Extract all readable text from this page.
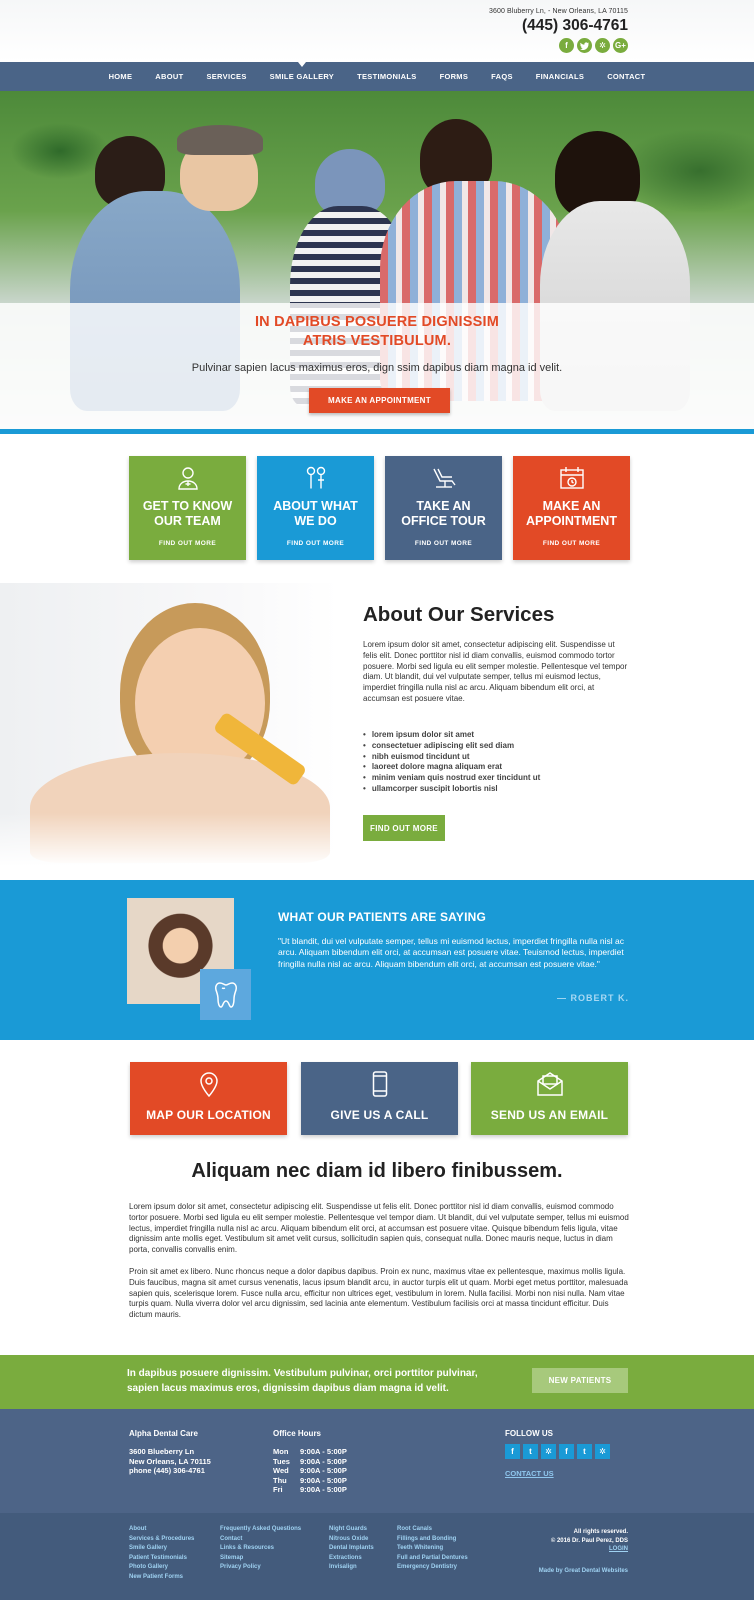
3600 Bluberry Ln, - New Orleans, LA 70115
(445) 306-4761
f	✲	G+
HOME	ABOUT	SERVICES	SMILE GALLERY	TESTIMONIALS	FORMS	FAQS	FINANCIALS	CONTACT
IN DAPIBUS POSUERE DIGNISSIM
ATRIS VESTIBULUM.

Pulvinar sapien lacus maximus eros, dign ssim dapibus diam magna id velit.

MAKE AN APPOINTMENT
GET TO KNOW
OUR TEAM
FIND OUT MORE
ABOUT WHAT
WE DO
FIND OUT MORE
TAKE AN
OFFICE TOUR
FIND OUT MORE
MAKE AN
APPOINTMENT
FIND OUT MORE
About Our Services

Lorem ipsum dolor sit amet, consectetur adipiscing elit. Suspendisse ut felis elit. Donec porttitor nisl id diam convallis, euismod commodo tortor posuere. Morbi sed ligula eu elit semper molestie. Pellentesque vel tempor diam. Ut blandit, dui vel vulputate semper, tellus mi euismod lectus, imperdiet fringilla nulla nisl ac arcu. Aliquam bibendum elit orci, at accumsan est posuere vitae.

• lorem ipsum dolor sit amet
• consectetuer adipiscing elit sed diam
• nibh euismod tincidunt ut
• laoreet dolore magna aliquam erat
• minim veniam quis nostrud exer tincidunt ut
• ullamcorper suscipit lobortis nisl
FIND OUT MORE
WHAT OUR PATIENTS ARE SAYING

"Ut blandit, dui vel vulputate semper, tellus mi euismod lectus, imperdiet fringilla nulla nisl ac arcu. Aliquam bibendum elit orci, at accumsan est posuere vitae. Teuismod lectus, imperdiet fringilla nulla nisl ac arcu. Aliquam bibendum elit orci, at accumsan est posuere vitae."

— ROBERT K.
MAP OUR LOCATION	GIVE US A CALL	SEND US AN EMAIL
Aliquam nec diam id libero finibussem.

Lorem ipsum dolor sit amet, consectetur adipiscing elit. Suspendisse ut felis elit. Donec porttitor nisl id diam convallis, euismod commodo tortor posuere. Morbi sed ligula eu elit semper molestie. Pellentesque vel tempor diam. Ut blandit, dui vel vulputate semper, tellus mi euismod lectus, imperdiet fringilla nulla nisl ac arcu. Aliquam bibendum elit orci, at accumsan est posuere vitae. Quisque bibendum felis ligula, vitae dignissim ante mollis eget. Vestibulum sit amet velit cursus, sollicitudin sapien quis, consequat nulla. Donec mauris neque, luctus in diam porta, convallis convallis enim.

Proin sit amet ex libero. Nunc rhoncus neque a dolor dapibus dapibus. Proin ex nunc, maximus vitae ex pellentesque, maximus mollis ligula. Duis faucibus, magna sit amet cursus venenatis, lacus ipsum blandit arcu, in auctor turpis elit ut quam. Morbi eget metus porttitor, malesuada sapien quis, scelerisque lorem. Fusce nulla arcu, efficitur non ultrices eget, vestibulum in lorem. Nulla facilisi. Morbi non nisi nulla. Nam vitae turpis quam. Nulla viverra dolor vel arcu dignissim, sed lacinia ante elementum. Vestibulum facilisis orci at massa tincidunt efficitur. Duis dictum mauris.

In dapibus posuere dignissim. Vestibulum pulvinar, orci porttitor pulvinar,
sapien lacus maximus eros, dignissim dapibus diam magna id velit.

NEW PATIENTS
Alpha Dental Care
3600 Blueberry Ln
New Orleans, LA 70115
phone (445) 306-4761
Office Hours
Mon 9:00A - 5:00P
Tues 9:00A - 5:00P
Wed 9:00A - 5:00P
Thu 9:00A - 5:00P
Fri 9:00A - 5:00P
FOLLOW US
f	t	✲	f	t	✲
CONTACT US
About
Services & Procedures
Smile Gallery
Patient Testimonials
Photo Gallery
New Patient Forms
Frequently Asked Questions
Contact
Links & Resources
Sitemap
Privacy Policy
Night Guards
Nitrous Oxide
Dental Implants
Extractions
Invisalign
Root Canals
Fillings and Bonding
Teeth Whitening
Full and Partial Dentures
Emergency Dentistry
All rights reserved.
© 2016 Dr. Paul Perez, DDS
LOGIN
Made by Great Dental Websites
